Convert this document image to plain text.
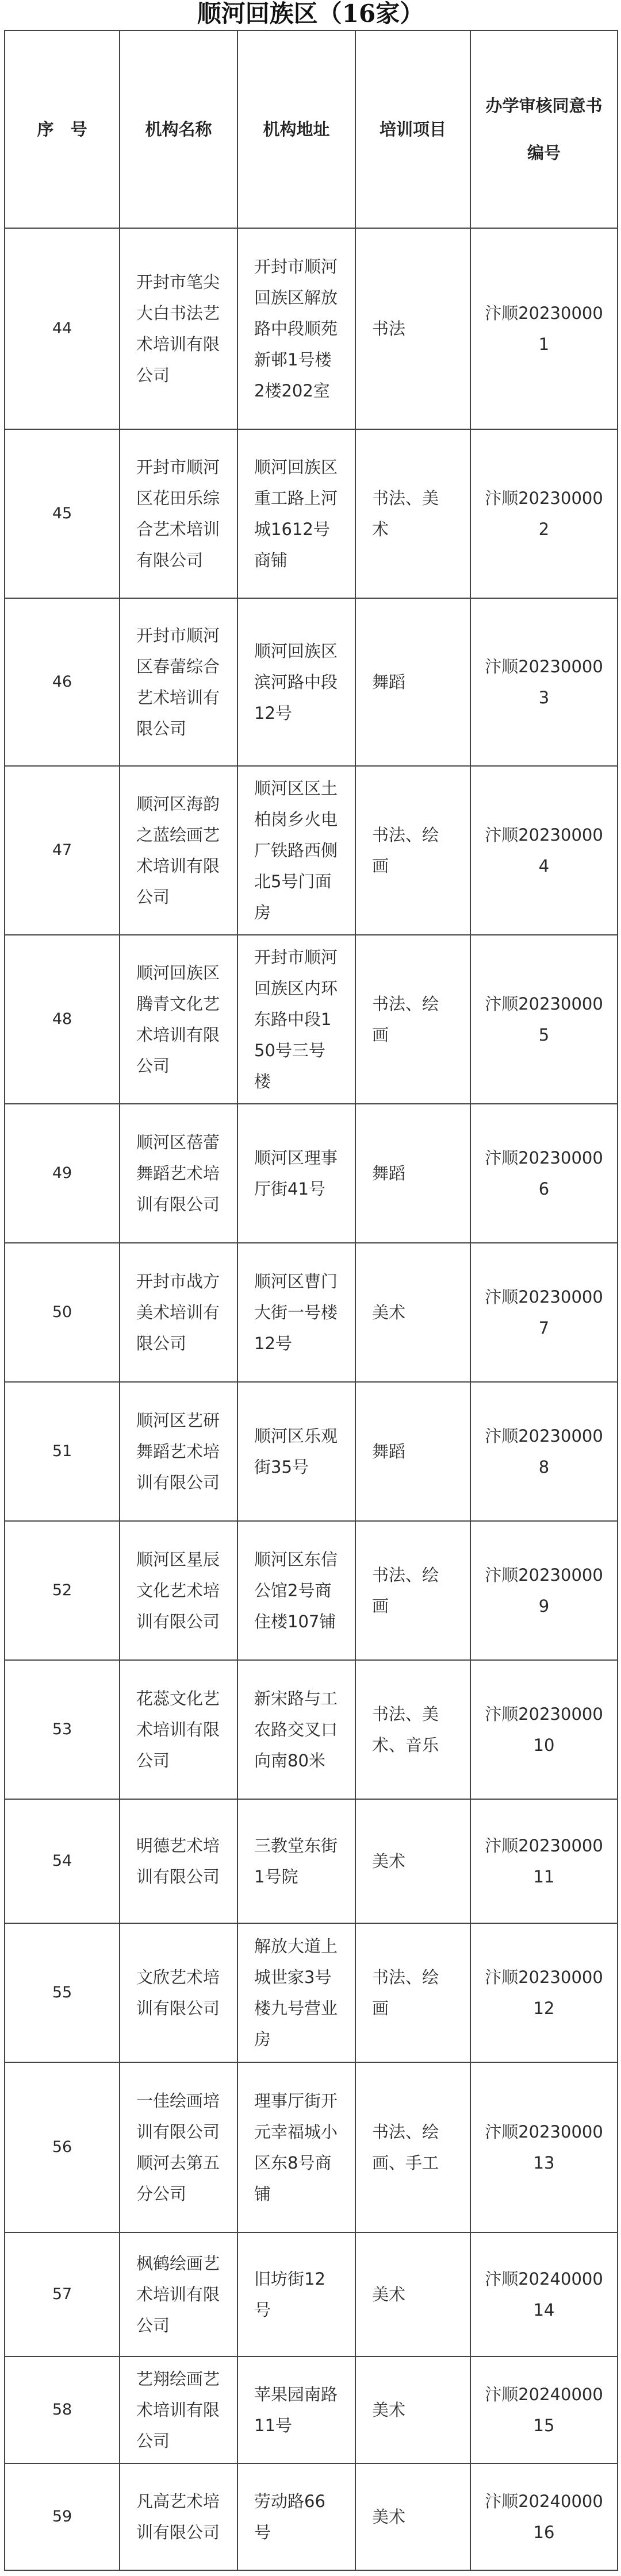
顺河回族区（16家）
序　号	机构名称	机构地址	培训项目	办学审核同意书编号
44	开封市笔尖大白书法艺术培训有限公司	开封市顺河回族区解放路中段顺苑新邨1号楼2楼202室	书法	汴顺202300001
45	开封市顺河区花田乐综合艺术培训有限公司	顺河回族区重工路上河城1612号商铺	书法、美术	汴顺202300002
46	开封市顺河区春蕾综合艺术培训有限公司	顺河回族区滨河路中段12号	舞蹈	汴顺202300003
47	顺河区海韵之蓝绘画艺术培训有限公司	顺河区区土柏岗乡火电厂铁路西侧北5号门面房	书法、绘画	汴顺202300004
48	顺河回族区腾青文化艺术培训有限公司	开封市顺河回族区内环东路中段150号三号楼	书法、绘画	汴顺202300005
49	顺河区蓓蕾舞蹈艺术培训有限公司	顺河区理事厅街41号	舞蹈	汴顺202300006
50	开封市战方美术培训有限公司	顺河区曹门大街一号楼12号	美术	汴顺202300007
51	顺河区艺研舞蹈艺术培训有限公司	顺河区乐观街35号	舞蹈	汴顺202300008
52	顺河区星辰文化艺术培训有限公司	顺河区东信公馆2号商住楼107铺	书法、绘画	汴顺202300009
53	花蕊文化艺术培训有限公司	新宋路与工农路交叉口向南80米	书法、美术、音乐	汴顺2023000010
54	明德艺术培训有限公司	三教堂东街1号院	美术	汴顺2023000011
55	文欣艺术培训有限公司	解放大道上城世家3号楼九号营业房	书法、绘画	汴顺2023000012
56	一佳绘画培训有限公司顺河去第五分公司	理事厅街开元幸福城小区东8号商铺	书法、绘画、手工	汴顺2023000013
57	枫鹤绘画艺术培训有限公司	旧坊街12号	美术	汴顺2024000014
58	艺翔绘画艺术培训有限公司	苹果园南路11号	美术	汴顺2024000015
59	凡高艺术培训有限公司	劳动路66号	美术	汴顺2024000016
